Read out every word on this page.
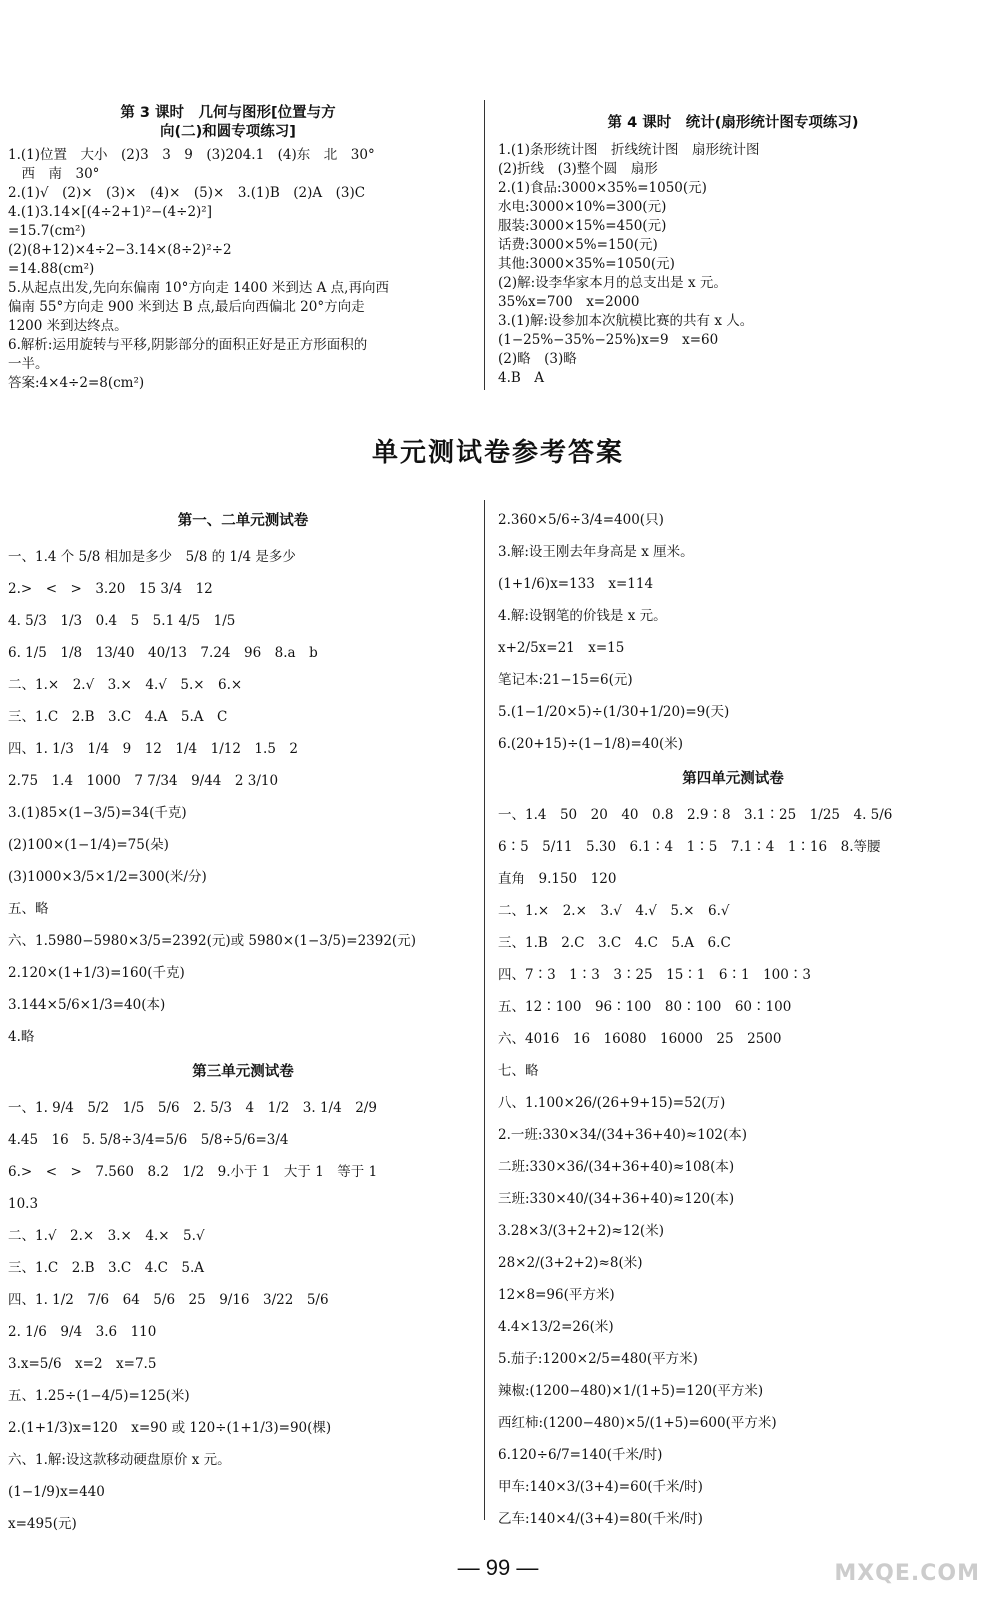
第 3 课时　几何与图形[位置与方
向(二)和圆专项练习]
1.(1)位置　大小　(2)3　3　9　(3)204.1　(4)东　北　30°
　西　南　30°
2.(1)√　(2)×　(3)×　(4)×　(5)×　3.(1)B　(2)A　(3)C
4.(1)3.14×[(4÷2+1)²−(4÷2)²]
=15.7(cm²)
(2)(8+12)×4÷2−3.14×(8÷2)²÷2
=14.88(cm²)
5.从起点出发,先向东偏南 10°方向走 1400 米到达 A 点,再向西
偏南 55°方向走 900 米到达 B 点,最后向西偏北 20°方向走
1200 米到达终点。
6.解析:运用旋转与平移,阴影部分的面积正好是正方形面积的
一半。
答案:4×4÷2=8(cm²)
第 4 课时　统计(扇形统计图专项练习)
1.(1)条形统计图　折线统计图　扇形统计图
(2)折线　(3)整个圆　扇形
2.(1)食品:3000×35%=1050(元)
水电:3000×10%=300(元)
服装:3000×15%=450(元)
话费:3000×5%=150(元)
其他:3000×35%=1050(元)
(2)解:设李华家本月的总支出是 x 元。
35%x=700　x=2000
3.(1)解:设参加本次航模比赛的共有 x 人。
(1−25%−35%−25%)x=9　x=60
(2)略　(3)略
4.B　A
单元测试卷参考答案
第一、二单元测试卷
一、1.4 个 5/8 相加是多少　5/8 的 1/4 是多少
2.>　<　>　3.20　15 3/4　12
4. 5/3　1/3　0.4　5　5.1 4/5　1/5
6. 1/5　1/8　13/40　40/13　7.24　96　8.a　b
二、1.×　2.√　3.×　4.√　5.×　6.×
三、1.C　2.B　3.C　4.A　5.A　C
四、1. 1/3　1/4　9　12　1/4　1/12　1.5　2
2.75　1.4　1000　7 7/34　9/44　2 3/10
3.(1)85×(1−3/5)=34(千克)
(2)100×(1−1/4)=75(朵)
(3)1000×3/5×1/2=300(米/分)
五、略
六、1.5980−5980×3/5=2392(元)或 5980×(1−3/5)=2392(元)
2.120×(1+1/3)=160(千克)
3.144×5/6×1/3=40(本)
4.略
第三单元测试卷
一、1. 9/4　5/2　1/5　5/6　2. 5/3　4　1/2　3. 1/4　2/9
4.45　16　5. 5/8÷3/4=5/6　5/8÷5/6=3/4
6.>　<　>　7.560　8.2　1/2　9.小于 1　大于 1　等于 1
10.3
二、1.√　2.×　3.×　4.×　5.√
三、1.C　2.B　3.C　4.C　5.A
四、1. 1/2　7/6　64　5/6　25　9/16　3/22　5/6
2. 1/6　9/4　3.6　110
3.x=5/6　x=2　x=7.5
五、1.25÷(1−4/5)=125(米)
2.(1+1/3)x=120　x=90 或 120÷(1+1/3)=90(棵)
六、1.解:设这款移动硬盘原价 x 元。
(1−1/9)x=440
x=495(元)
2.360×5/6÷3/4=400(只)
3.解:设王刚去年身高是 x 厘米。
(1+1/6)x=133　x=114
4.解:设钢笔的价钱是 x 元。
x+2/5x=21　x=15
笔记本:21−15=6(元)
5.(1−1/20×5)÷(1/30+1/20)=9(天)
6.(20+15)÷(1−1/8)=40(米)
第四单元测试卷
一、1.4　50　20　40　0.8　2.9∶8　3.1∶25　1/25　4. 5/6
6∶5　5/11　5.30　6.1∶4　1∶5　7.1∶4　1∶16　8.等腰
直角　9.150　120
二、1.×　2.×　3.√　4.√　5.×　6.√
三、1.B　2.C　3.C　4.C　5.A　6.C
四、7∶3　1∶3　3∶25　15∶1　6∶1　100∶3
五、12∶100　96∶100　80∶100　60∶100
六、4016　16　16080　16000　25　2500
七、略
八、1.100×26/(26+9+15)=52(万)
2.一班:330×34/(34+36+40)≈102(本)
二班:330×36/(34+36+40)≈108(本)
三班:330×40/(34+36+40)≈120(本)
3.28×3/(3+2+2)≈12(米)
28×2/(3+2+2)≈8(米)
12×8=96(平方米)
4.4×13/2=26(米)
5.茄子:1200×2/5=480(平方米)
辣椒:(1200−480)×1/(1+5)=120(平方米)
西红柿:(1200−480)×5/(1+5)=600(平方米)
6.120÷6/7=140(千米/时)
甲车:140×3/(3+4)=60(千米/时)
乙车:140×4/(3+4)=80(千米/时)
— 99 —	MXQE.COM
